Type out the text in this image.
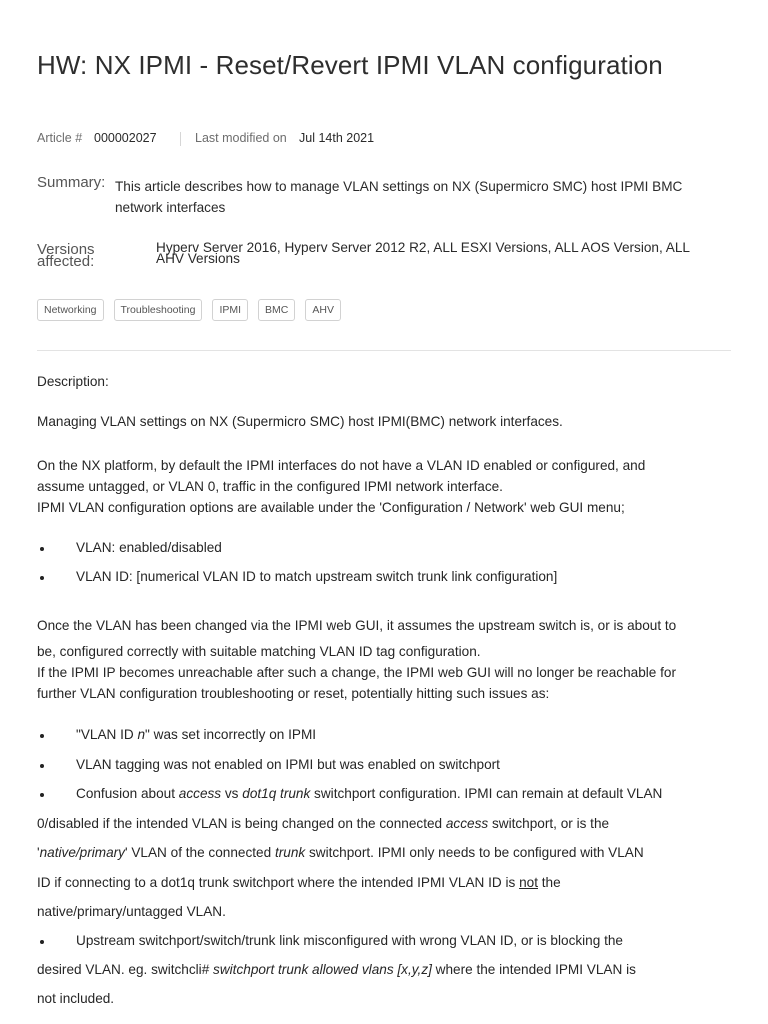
HW: NX IPMI - Reset/Revert IPMI VLAN configuration
Article # 000002027	Last modified on Jul 14th 2021
Summary: This article describes how to manage VLAN settings on NX (Supermicro SMC) host IPMI BMC
network interfaces
Versions
affected:
Hyperv Server 2016, Hyperv Server 2012 R2, ALL ESXI Versions, ALL AOS Version, ALL
AHV Versions
Networking	Troubleshooting	IPMI	BMC	AHV
Description:
Managing VLAN settings on NX (Supermicro SMC) host IPMI(BMC) network interfaces.
On the NX platform, by default the IPMI interfaces do not have a VLAN ID enabled or configured, and
assume untagged, or VLAN 0, traffic in the configured IPMI network interface.
IPMI VLAN configuration options are available under the 'Configuration / Network' web GUI menu;
VLAN: enabled/disabled
VLAN ID: [numerical VLAN ID to match upstream switch trunk link configuration]
Once the VLAN has been changed via the IPMI web GUI, it assumes the upstream switch is, or is about to
be, configured correctly with suitable matching VLAN ID tag configuration.
If the IPMI IP becomes unreachable after such a change, the IPMI web GUI will no longer be reachable for
further VLAN configuration troubleshooting or reset, potentially hitting such issues as:
"VLAN ID n" was set incorrectly on IPMI
VLAN tagging was not enabled on IPMI but was enabled on switchport
Confusion about access vs dot1q trunk switchport configuration. IPMI can remain at default VLAN
0/disabled if the intended VLAN is being changed on the connected access switchport, or is the
'native/primary' VLAN of the connected trunk switchport. IPMI only needs to be configured with VLAN
ID if connecting to a dot1q trunk switchport where the intended IPMI VLAN ID is not the
native/primary/untagged VLAN.
Upstream switchport/switch/trunk link misconfigured with wrong VLAN ID, or is blocking the
desired VLAN. eg. switchcli# switchport trunk allowed vlans [x,y,z] where the intended IPMI VLAN is
not included.
